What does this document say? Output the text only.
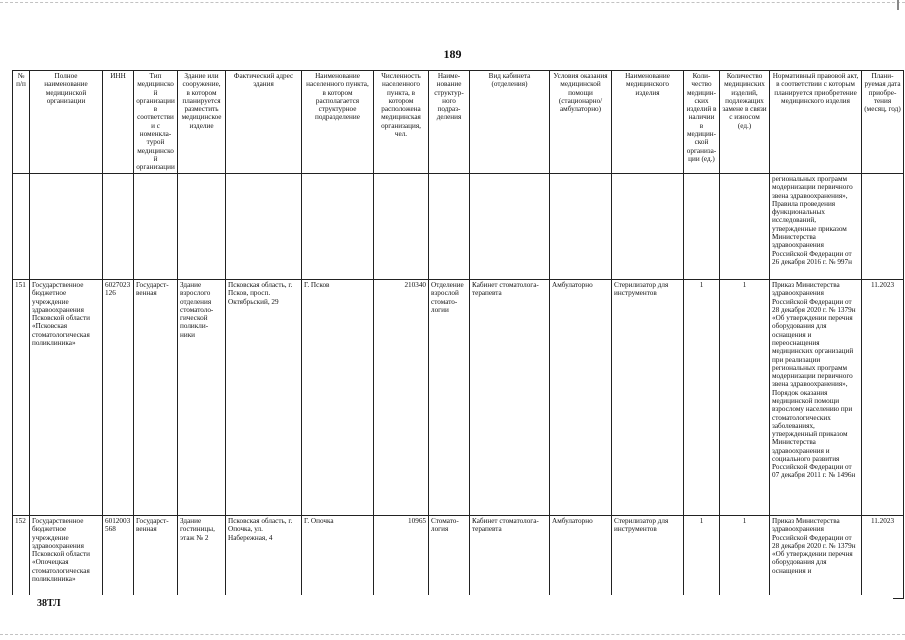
189
№ п/п	Полное наименование медицинской организации	ИНН	Тип медицинской организации в соответствии с номенкла-турой медицинской организации	Здание или сооружение, в котором планируется разместить медицинское изделие	Фактический адрес здания	Наименование населенного пункта, в котором располагается структурное подразделение	Численность населенного пункта, в котором расположена медицинская организация, чел.	Наиме-нование структур-ного подраз-деления	Вид кабинета (отделения)	Условия оказания медицинской помощи (стационарно/амбулаторно)	Наименование медицинского изделия	Коли-чество медицин-ских изделий в наличии в медицин-ской организа-ции (ед.)	Количество медицинских изделий, подлежащих замене в связи с износом (ед.)	Нормативный правовой акт, в соответствии с которым планируется приобретение медицинского изделия	Плани-руемая дата приобре-тения (месяц, год)
														региональных программ модернизации первичного звена здравоохранения», Правила проведения функциональных исследований, утвержденные приказом Министерства здравоохранения Российской Федерации от 26 декабря 2016 г. № 997н	
151	Государственное бюджетное учреждение здравоохранения Псковской области «Псковская стоматологическая поликлиника»	6027023126	Государст-венная	Здание взрослого отделения стоматоло-гической поликли-ники	Псковская область, г. Псков, просп. Октябрьский, 29	Г. Псков	210340	Отделение взрослой стомато-логии	Кабинет стоматолога-терапевта	Амбулаторно	Стерилизатор для инструментов	1	1	Приказ Министерства здравоохранения Российской Федерации от 28 декабря 2020 г. № 1379н «Об утверждении перечня оборудования для оснащения и переоснащения медицинских организаций при реализации региональных программ модернизации первичного звена здравоохранения», Порядок оказания медицинской помощи взрослому населению при стоматологических заболеваниях, утвержденный приказом Министерства здравоохранения и социального развития Российской Федерации от 07 декабря 2011 г. № 1496н	11.2023
152	Государственное бюджетное учреждение здравоохранения Псковской области «Опочецкая стоматологическая поликлиника»	6012003568	Государст-венная	Здание гостиницы, этаж № 2	Псковская область, г. Опочка, ул. Набережная, 4	Г. Опочка	10965	Стомато-логия	Кабинет стоматолога-терапевта	Амбулаторно	Стерилизатор для инструментов	1	1	Приказ Министерства здравоохранения Российской Федерации от 28 декабря 2020 г. № 1379н «Об утверждении перечня оборудования для оснащения и	11.2023
38ТЛ
